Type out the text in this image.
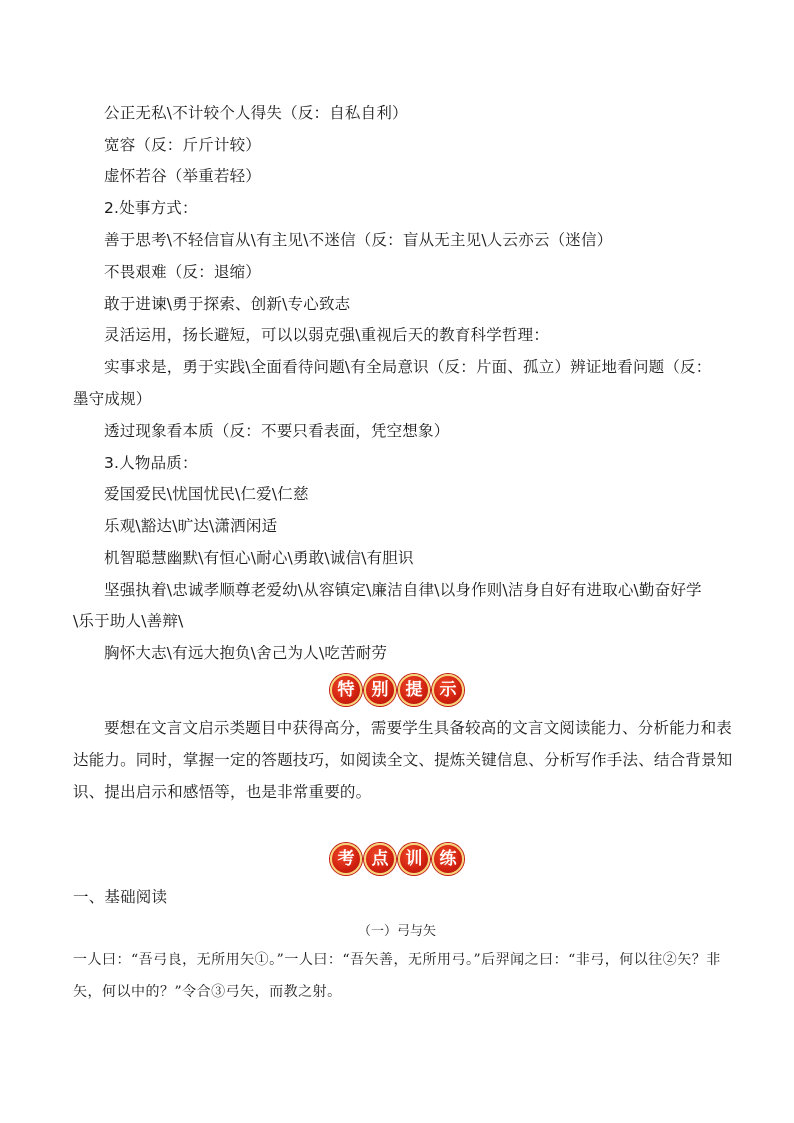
公正无私\不计较个人得失（反：自私自利）
宽容（反：斤斤计较）
虚怀若谷（举重若轻）
2.处事方式：
善于思考\不轻信盲从\有主见\不迷信（反：盲从无主见\人云亦云（迷信）
不畏艰难（反：退缩）
敢于进谏\勇于探索、创新\专心致志
灵活运用，扬长避短，可以以弱克强\重视后天的教育科学哲理：
实事求是，勇于实践\全面看待问题\有全局意识（反：片面、孤立）辨证地看问题（反：
墨守成规）
透过现象看本质（反：不要只看表面，凭空想象）
3.人物品质：
爱国爱民\忧国忧民\仁爱\仁慈
乐观\豁达\旷达\潇洒闲适
机智聪慧幽默\有恒心\耐心\勇敢\诚信\有胆识
坚强执着\忠诚孝顺尊老爱幼\从容镇定\廉洁自律\以身作则\洁身自好有进取心\勤奋好学
\乐于助人\善辩\
胸怀大志\有远大抱负\舍己为人\吃苦耐劳
特	别	提	示
要想在文言文启示类题目中获得高分，需要学生具备较高的文言文阅读能力、分析能力和表达能力。同时，掌握一定的答题技巧，如阅读全文、提炼关键信息、分析写作手法、结合背景知识、提出启示和感悟等，也是非常重要的。
考	点	训	练
一、基础阅读
（一）弓与矢
一人曰：“吾弓良，无所用矢①。”一人曰：“吾矢善，无所用弓。”后羿闻之曰：“非弓，何以往②矢？非矢，何以中的？”令合③弓矢，而教之射。
